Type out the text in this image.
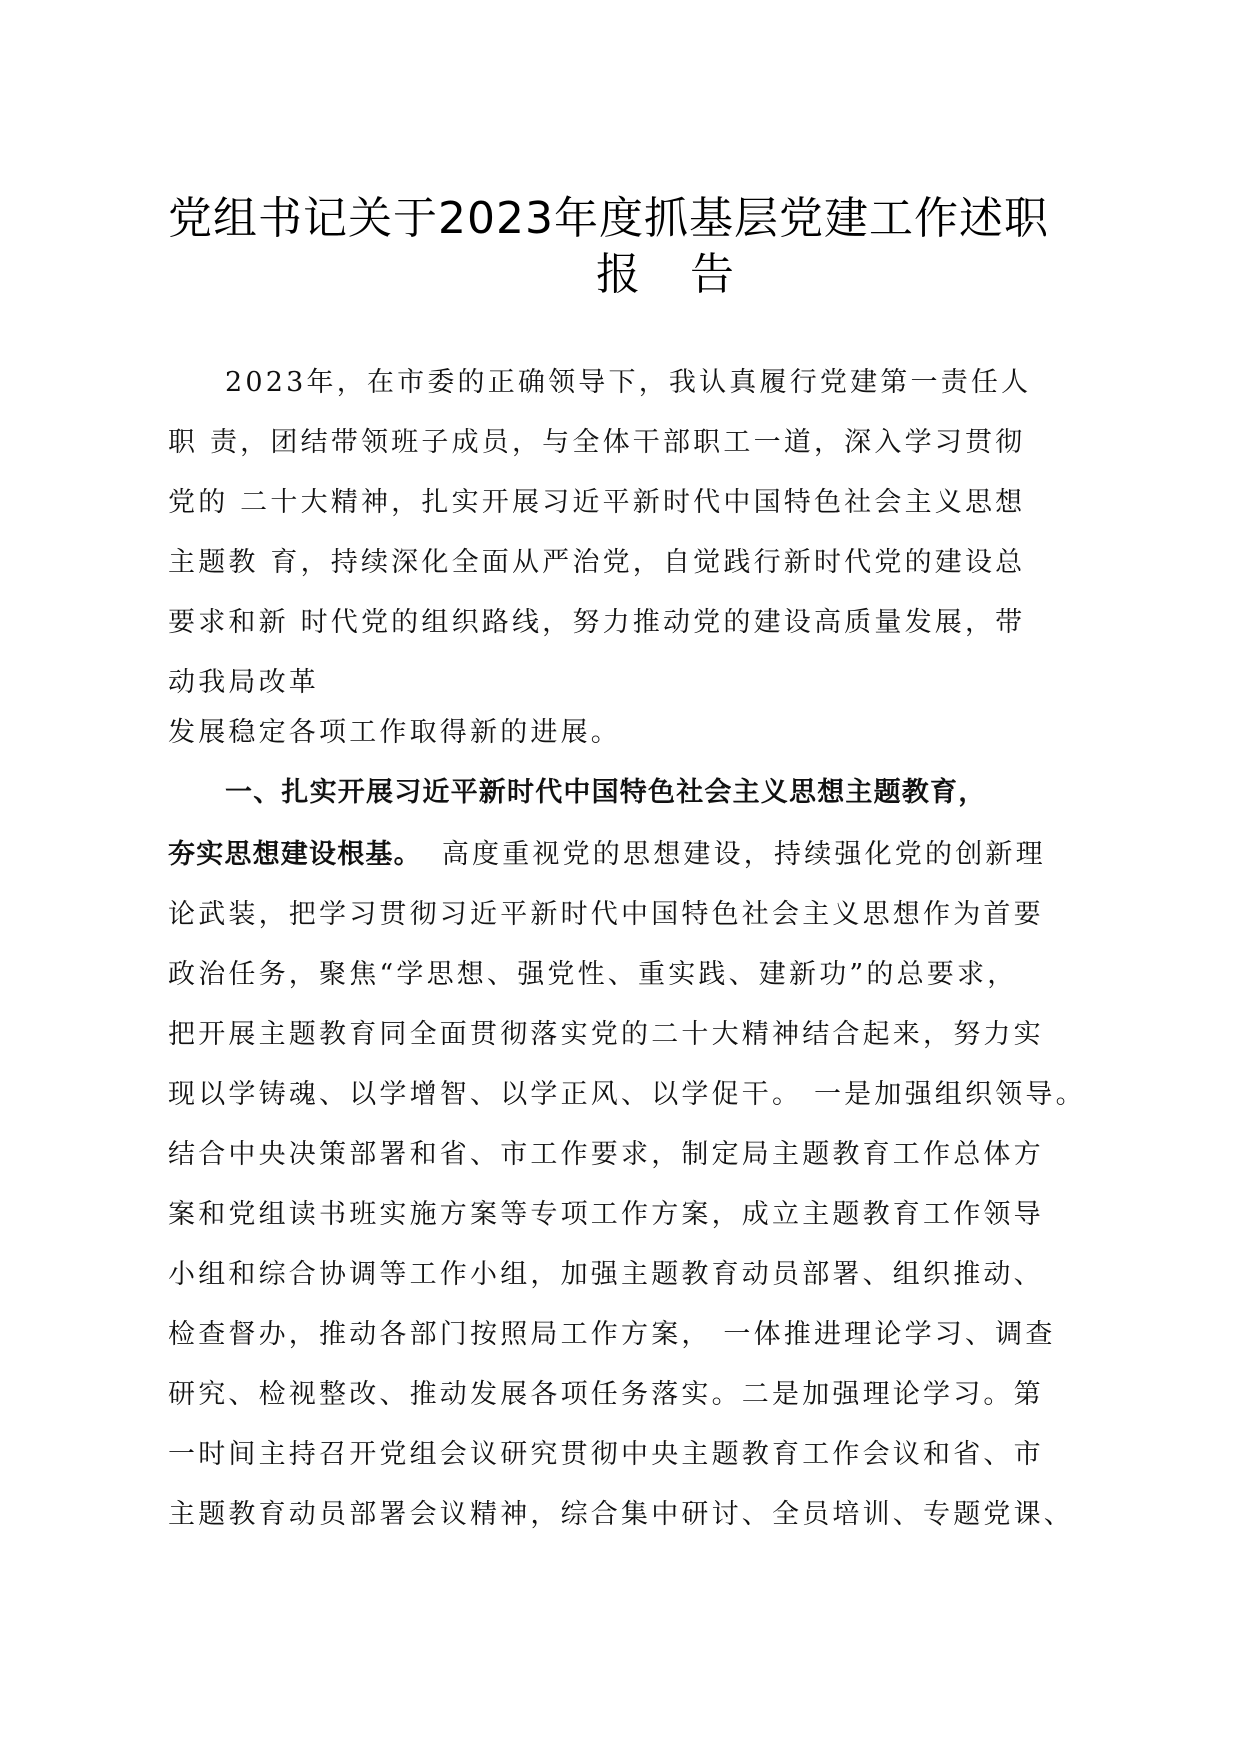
党组书记关于2023年度抓基层党建工作述职
报 告
2023年，在市委的正确领导下，我认真履行党建第一责任人
职 责，团结带领班子成员，与全体干部职工一道，深入学习贯彻
党的 二十大精神，扎实开展习近平新时代中国特色社会主义思想
主题教 育，持续深化全面从严治党，自觉践行新时代党的建设总
要求和新 时代党的组织路线，努力推动党的建设高质量发展，带
动我局改革
发展稳定各项工作取得新的进展。
一、扎实开展习近平新时代中国特色社会主义思想主题教育，
夯实思想建设根基。 高度重视党的思想建设，持续强化党的创新理
论武装，把学习贯彻习近平新时代中国特色社会主义思想作为首要
政治任务，聚焦“学思想、强党性、重实践、建新功”的总要求，
把开展主题教育同全面贯彻落实党的二十大精神结合起来，努力实
现以学铸魂、以学增智、以学正风、以学促干。 一是加强组织领导。
结合中央决策部署和省、市工作要求，制定局主题教育工作总体方
案和党组读书班实施方案等专项工作方案，成立主题教育工作领导
小组和综合协调等工作小组，加强主题教育动员部署、组织推动、
检查督办，推动各部门按照局工作方案， 一体推进理论学习、调查
研究、检视整改、推动发展各项任务落实。二是加强理论学习。第
一时间主持召开党组会议研究贯彻中央主题教育工作会议和省、市
主题教育动员部署会议精神，综合集中研讨、全员培训、专题党课、
